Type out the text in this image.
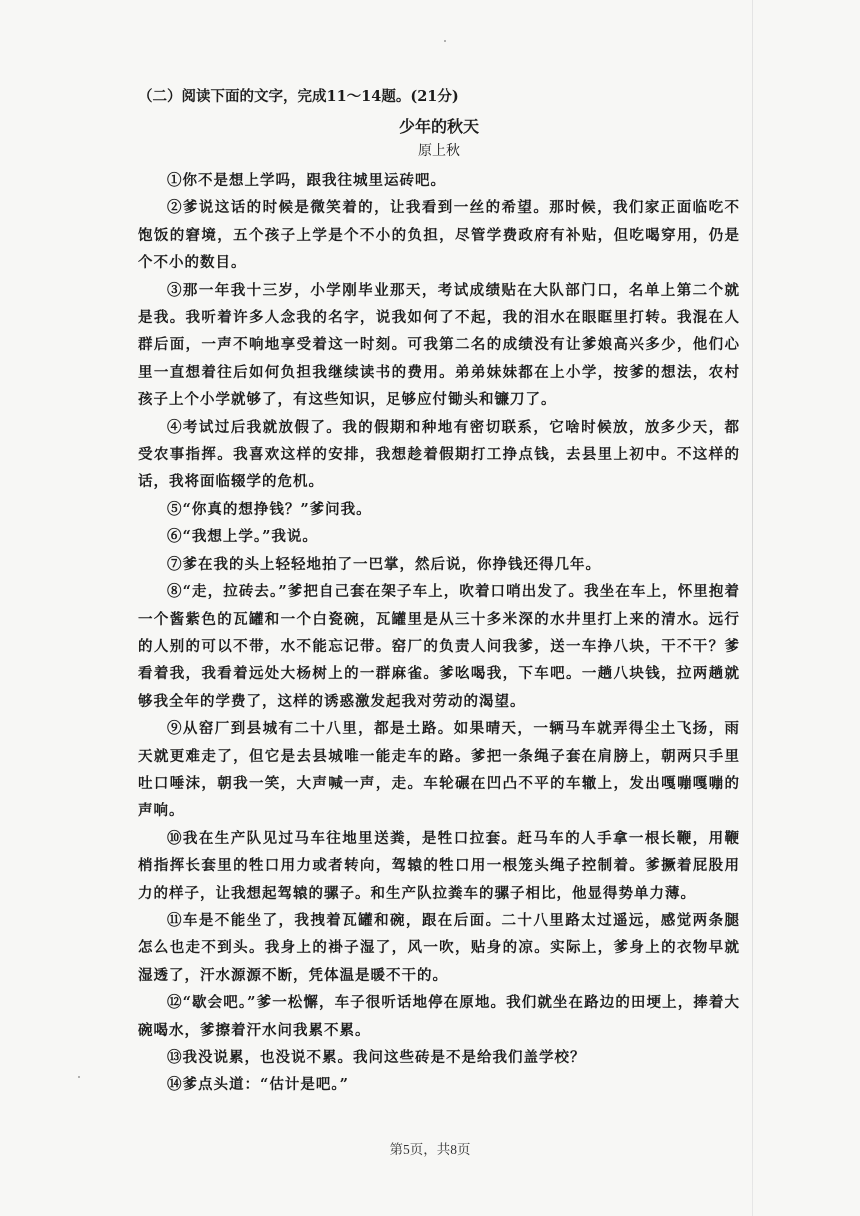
（二）阅读下面的文字，完成11～14题。(21分)

少年的秋天

原上秋

①你不是想上学吗，跟我往城里运砖吧。

②爹说这话的时候是微笑着的，让我看到一丝的希望。那时候，我们家正面临吃不饱饭的窘境，五个孩子上学是个不小的负担，尽管学费政府有补贴，但吃喝穿用，仍是个不小的数目。

③那一年我十三岁，小学刚毕业那天，考试成绩贴在大队部门口，名单上第二个就是我。我听着许多人念我的名字，说我如何了不起，我的泪水在眼眶里打转。我混在人群后面，一声不响地享受着这一时刻。可我第二名的成绩没有让爹娘高兴多少，他们心里一直想着往后如何负担我继续读书的费用。弟弟妹妹都在上小学，按爹的想法，农村孩子上个小学就够了，有这些知识，足够应付锄头和镰刀了。

④考试过后我就放假了。我的假期和种地有密切联系，它啥时候放，放多少天，都受农事指挥。我喜欢这样的安排，我想趁着假期打工挣点钱，去县里上初中。不这样的话，我将面临辍学的危机。

⑤“你真的想挣钱？”爹问我。

⑥“我想上学。”我说。

⑦爹在我的头上轻轻地拍了一巴掌，然后说，你挣钱还得几年。

⑧“走，拉砖去。”爹把自己套在架子车上，吹着口哨出发了。我坐在车上，怀里抱着一个酱紫色的瓦罐和一个白瓷碗，瓦罐里是从三十多米深的水井里打上来的清水。远行的人别的可以不带，水不能忘记带。窑厂的负责人问我爹，送一车挣八块，干不干？爹看着我，我看着远处大杨树上的一群麻雀。爹吆喝我，下车吧。一趟八块钱，拉两趟就够我全年的学费了，这样的诱惑激发起我对劳动的渴望。

⑨从窑厂到县城有二十八里，都是土路。如果晴天，一辆马车就弄得尘土飞扬，雨天就更难走了，但它是去县城唯一能走车的路。爹把一条绳子套在肩膀上，朝两只手里吐口唾沫，朝我一笑，大声喊一声，走。车轮碾在凹凸不平的车辙上，发出嘎嘣嘎嘣的声响。

⑩我在生产队见过马车往地里送粪，是牲口拉套。赶马车的人手拿一根长鞭，用鞭梢指挥长套里的牲口用力或者转向，驾辕的牲口用一根笼头绳子控制着。爹撅着屁股用力的样子，让我想起驾辕的骡子。和生产队拉粪车的骡子相比，他显得势单力薄。

⑪车是不能坐了，我拽着瓦罐和碗，跟在后面。二十八里路太过遥远，感觉两条腿怎么也走不到头。我身上的褂子湿了，风一吹，贴身的凉。实际上，爹身上的衣物早就湿透了，汗水源源不断，凭体温是暖不干的。

⑫“歇会吧。”爹一松懈，车子很听话地停在原地。我们就坐在路边的田埂上，捧着大碗喝水，爹擦着汗水问我累不累。

⑬我没说累，也没说不累。我问这些砖是不是给我们盖学校？

⑭爹点头道：“估计是吧。”

第5页，共8页
